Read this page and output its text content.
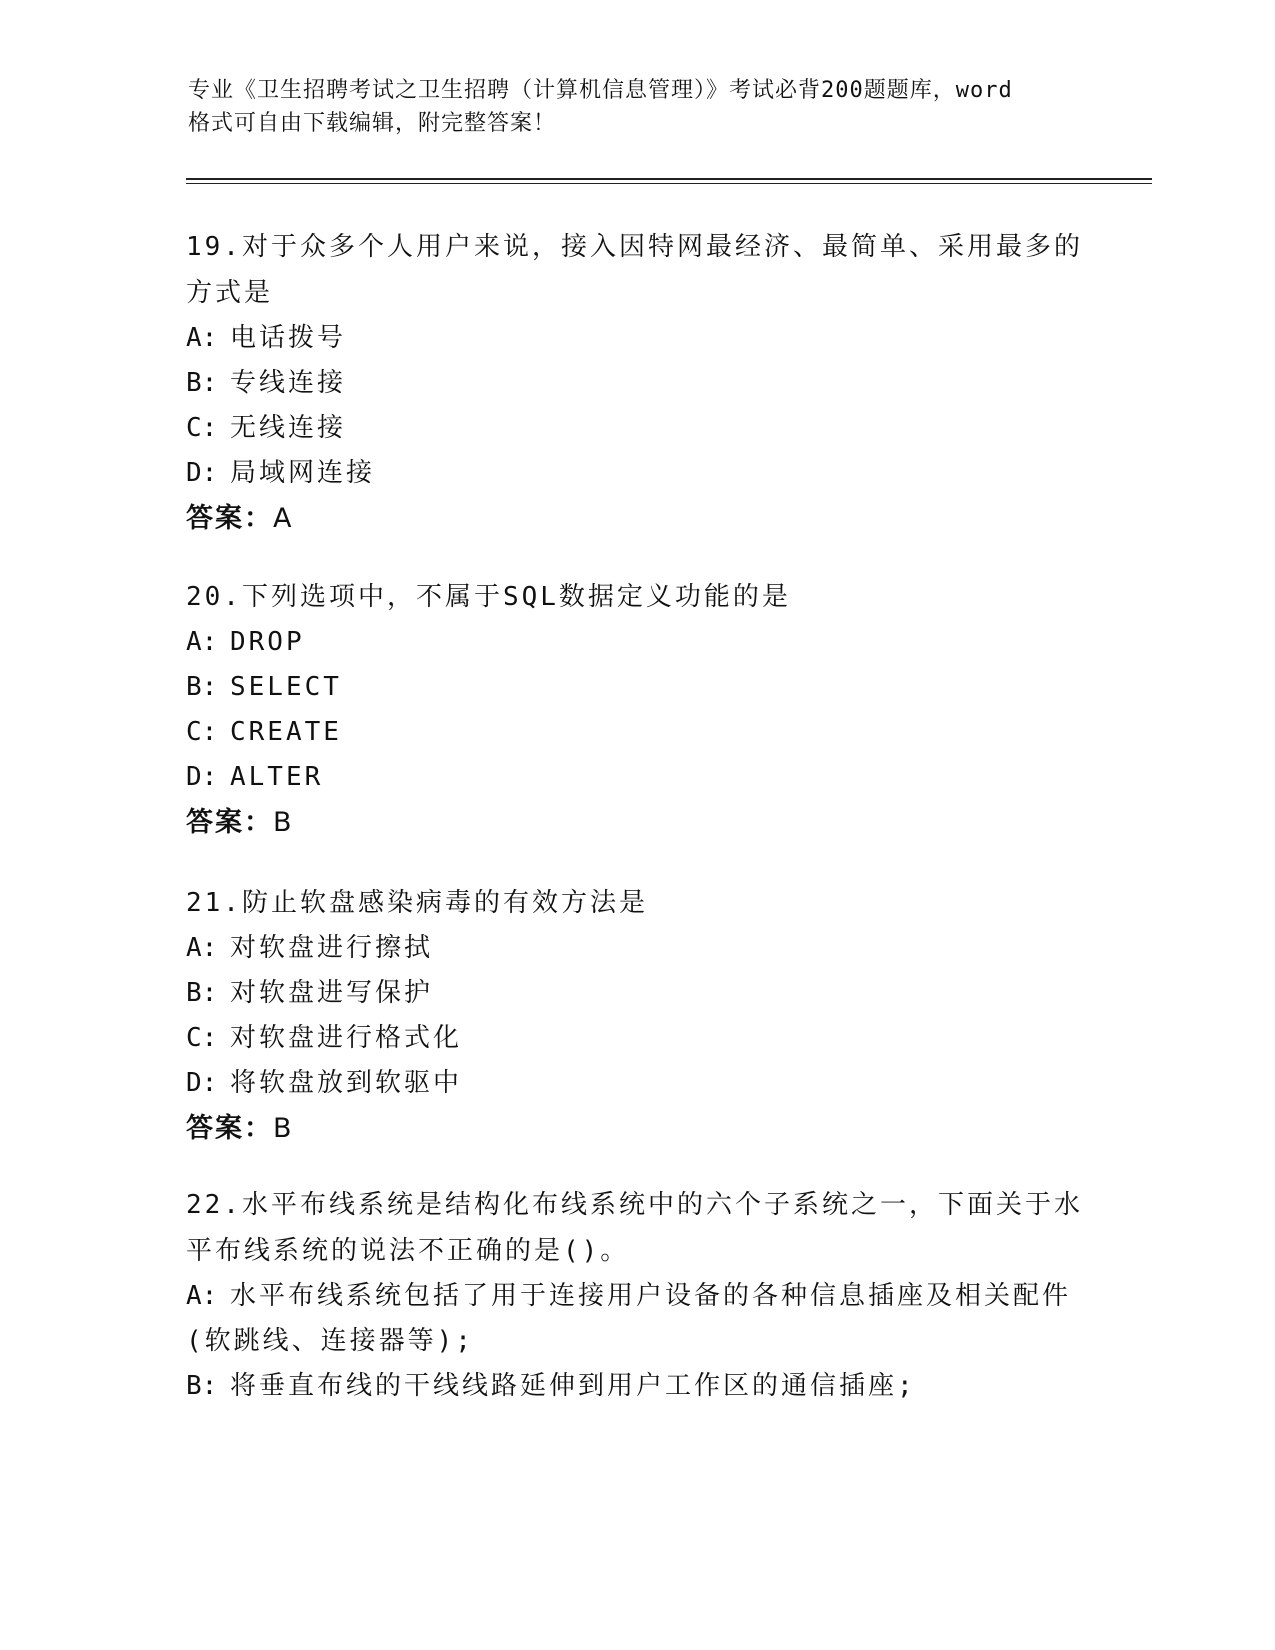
专业《卫生招聘考试之卫生招聘（计算机信息管理）》考试必背200题题库，word
格式可自由下载编辑，附完整答案！
19.对于众多个人用户来说，接入因特网最经济、最简单、采用最多的
方式是
A: 电话拨号
B: 专线连接
C: 无线连接
D: 局域网连接
答案：A
20.下列选项中，不属于SQL数据定义功能的是
A: DROP
B: SELECT
C: CREATE
D: ALTER
答案：B
21.防止软盘感染病毒的有效方法是
A: 对软盘进行擦拭
B: 对软盘进写保护
C: 对软盘进行格式化
D: 将软盘放到软驱中
答案：B
22.水平布线系统是结构化布线系统中的六个子系统之一，下面关于水
平布线系统的说法不正确的是()。
A: 水平布线系统包括了用于连接用户设备的各种信息插座及相关配件
(软跳线、连接器等);
B: 将垂直布线的干线线路延伸到用户工作区的通信插座;
